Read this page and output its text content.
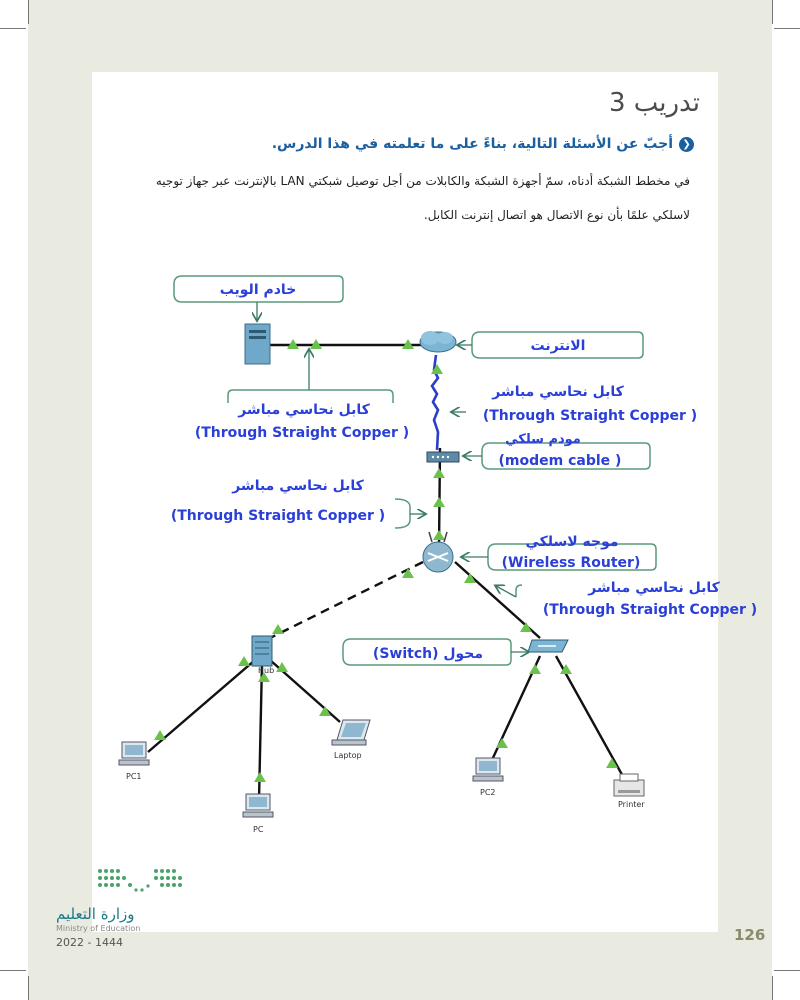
تدريب 3
❮
أجبّ عن الأسئلة التالية، بناءً على ما تعلمته في هذا الدرس.
في مخطط الشبكة أدناه، سمّ أجهزة الشبكة والكابلات من أجل توصيل شبكتي LAN بالإنترنت عبر جهاز توجيه
لاسلكي علمًا بأن نوع الاتصال هو اتصال إنترنت الكابل.
خادم الويب
الانترنت
كابل نحاسي مباشر
(Through Straight Copper )
كابل نحاسي مباشر
(Through Straight Copper )
مودم سلكي
(modem cable )
كابل نحاسي مباشر
(Through Straight Copper )
موجه لاسلكي
(Wireless Router)
كابل نحاسي مباشر
(Through Straight Copper )
محول (Switch)
Hub
PC1
PC
Laptop
PC2
Printer
وزارة التعليم
Ministry of Education
2022 - 1444	126
